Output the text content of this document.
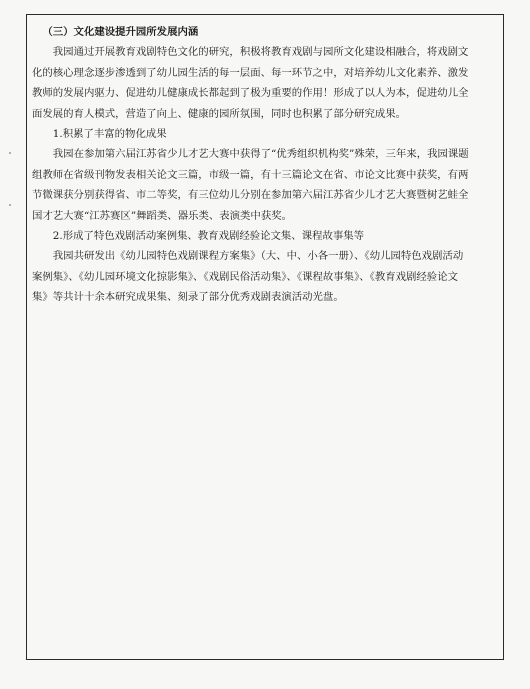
（三）文化建设提升园所发展内涵

我园通过开展教育戏剧特色文化的研究，积极将教育戏剧与园所文化建设相融合，将戏剧文化的核心理念逐步渗透到了幼儿园生活的每一层面、每一环节之中，对培养幼儿文化素养、激发教师的发展内驱力、促进幼儿健康成长都起到了极为重要的作用！形成了以人为本，促进幼儿全面发展的育人模式，营造了向上、健康的园所氛围，同时也积累了部分研究成果。

1.积累了丰富的物化成果

我园在参加第六届江苏省少儿才艺大赛中获得了“优秀组织机构奖”殊荣，三年来，我园课题组教师在省级刊物发表相关论文三篇，市级一篇，有十三篇论文在省、市论文比赛中获奖，有两节微课获分别获得省、市二等奖，有三位幼儿分别在参加第六届江苏省少儿才艺大赛暨树艺蛙全国才艺大赛“江苏赛区”舞蹈类、器乐类、表演类中获奖。

2.形成了特色戏剧活动案例集、教育戏剧经验论文集、课程故事集等

我园共研发出《幼儿园特色戏剧课程方案集》（大、中、小各一册）、《幼儿园特色戏剧活动案例集》、《幼儿园环境文化掠影集》、《戏剧民俗活动集》、《课程故事集》、《教育戏剧经验论文集》等共计十余本研究成果集、刻录了部分优秀戏剧表演活动光盘。
